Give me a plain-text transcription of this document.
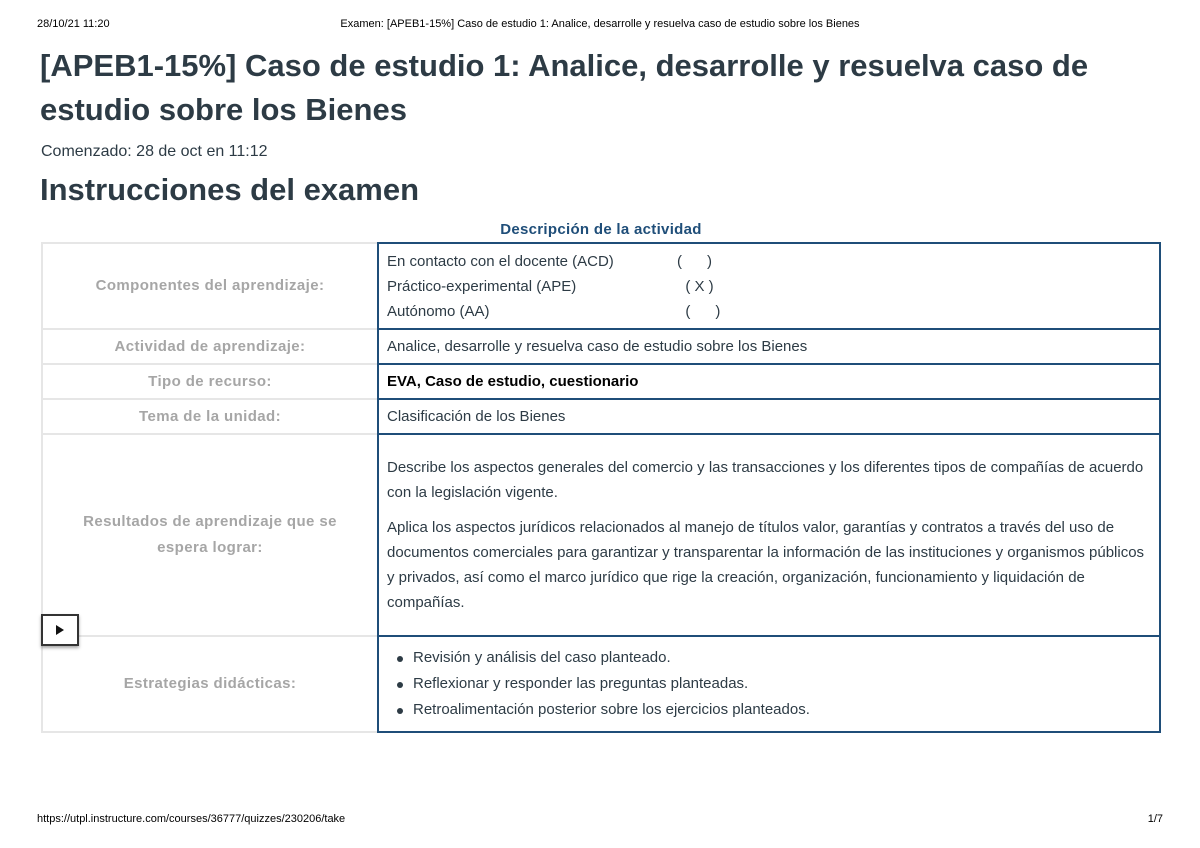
28/10/21 11:20	Examen: [APEB1-15%] Caso de estudio 1: Analice, desarrolle y resuelva caso de estudio sobre los Bienes
[APEB1-15%] Caso de estudio 1: Analice, desarrolle y resuelva caso de estudio sobre los Bienes
Comenzado: 28 de oct en 11:12
Instrucciones del examen
Descripción de la actividad
Componentes del aprendizaje:
En contacto con el docente (ACD)	(      )
Práctico-experimental (APE)	( X )
Autónomo (AA)	(      )
Actividad de aprendizaje:	Analice, desarrolle y resuelva caso de estudio sobre los Bienes
Tipo de recurso:	EVA, Caso de estudio, cuestionario
Tema de la unidad:	Clasificación de los Bienes
Resultados de aprendizaje que se espera lograr:

Describe los aspectos generales del comercio y las transacciones y los diferentes tipos de compañías de acuerdo con la legislación vigente.

Aplica los aspectos jurídicos relacionados al manejo de títulos valor, garantías y contratos a través del uso de documentos comerciales para garantizar y transparentar la información de las instituciones y organismos públicos y privados, así como el marco jurídico que rige la creación, organización, funcionamiento y liquidación de compañías.

Estrategias didácticas:
Revisión y análisis del caso planteado.
Reflexionar y responder las preguntas planteadas.
Retroalimentación posterior sobre los ejercicios planteados.
https://utpl.instructure.com/courses/36777/quizzes/230206/take	1/7
